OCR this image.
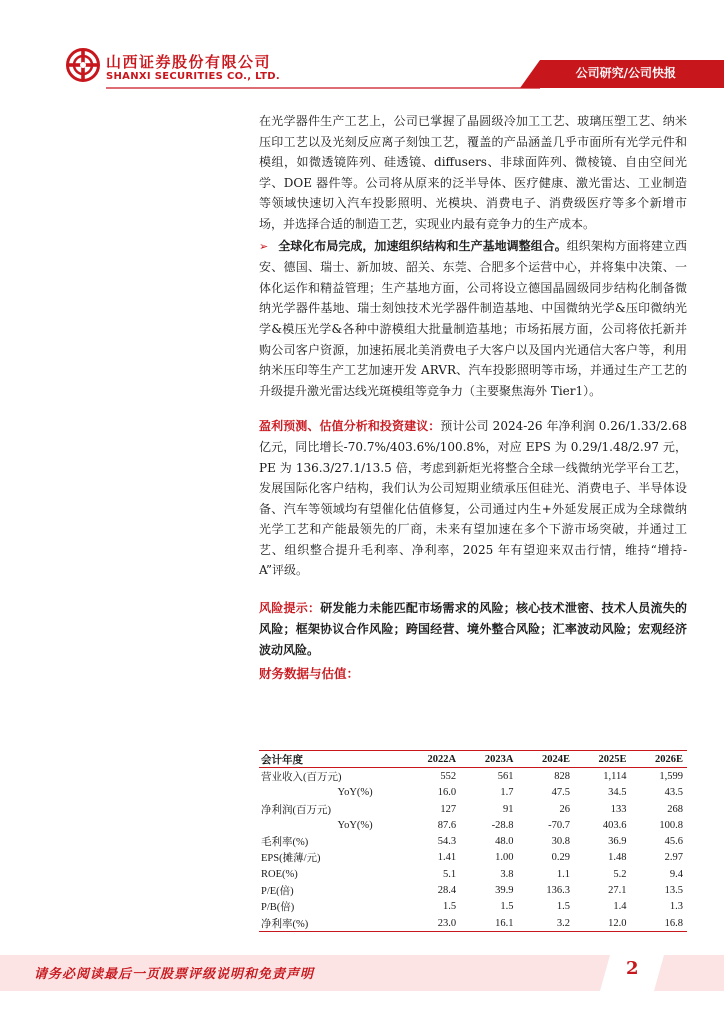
山西证券股份有限公司
SHANXI SECURITIES CO., LTD.	公司研究/公司快报

在光学器件生产工艺上，公司已掌握了晶圆级冷加工工艺、玻璃压塑工艺、纳米压印工艺以及光刻反应离子刻蚀工艺，覆盖的产品涵盖几乎市面所有光学元件和模组，如微透镜阵列、硅透镜、diffusers、非球面阵列、微棱镜、自由空间光学、DOE 器件等。公司将从原来的泛半导体、医疗健康、激光雷达、工业制造等领域快速切入汽车投影照明、光模块、消费电子、消费级医疗等多个新增市场，并选择合适的制造工艺，实现业内最有竞争力的生产成本。

➢ 全球化布局完成，加速组织结构和生产基地调整组合。组织架构方面将建立西安、德国、瑞士、新加坡、韶关、东莞、合肥多个运营中心，并将集中决策、一体化运作和精益管理；生产基地方面，公司将设立德国晶圆级同步结构化制备微纳光学器件基地、瑞士刻蚀技术光学器件制造基地、中国微纳光学&压印微纳光学&模压光学&各种中游模组大批量制造基地；市场拓展方面，公司将依托新并购公司客户资源，加速拓展北美消费电子大客户以及国内光通信大客户等，利用纳米压印等生产工艺加速开发 ARVR、汽车投影照明等市场，并通过生产工艺的升级提升激光雷达线光斑模组等竞争力（主要聚焦海外 Tier1）。

盈利预测、估值分析和投资建议：预计公司 2024-26 年净利润 0.26/1.33/2.68 亿元，同比增长-70.7%/403.6%/100.8%，对应 EPS 为 0.29/1.48/2.97 元，PE 为 136.3/27.1/13.5 倍，考虑到新炬光将整合全球一线微纳光学平台工艺，发展国际化客户结构，我们认为公司短期业绩承压但硅光、消费电子、半导体设备、汽车等领域均有望催化估值修复，公司通过内生+外延发展正成为全球微纳光学工艺和产能最领先的厂商，未来有望加速在多个下游市场突破，并通过工艺、组织整合提升毛利率、净利率，2025 年有望迎来双击行情，维持“增持-A”评级。

风险提示：研发能力未能匹配市场需求的风险；核心技术泄密、技术人员流失的风险；框架协议合作风险；跨国经营、境外整合风险；汇率波动风险；宏观经济波动风险。

财务数据与估值：
会计年度	2022A	2023A	2024E	2025E	2026E
营业收入(百万元)	552	561	828	1,114	1,599
YoY(%)	16.0	1.7	47.5	34.5	43.5
净利润(百万元)	127	91	26	133	268
YoY(%)	87.6	-28.8	-70.7	403.6	100.8
毛利率(%)	54.3	48.0	30.8	36.9	45.6
EPS(摊薄/元)	1.41	1.00	0.29	1.48	2.97
ROE(%)	5.1	3.8	1.1	5.2	9.4
P/E(倍)	28.4	39.9	136.3	27.1	13.5
P/B(倍)	1.5	1.5	1.5	1.4	1.3
净利率(%)	23.0	16.1	3.2	12.0	16.8
请务必阅读最后一页股票评级说明和免责声明	2
